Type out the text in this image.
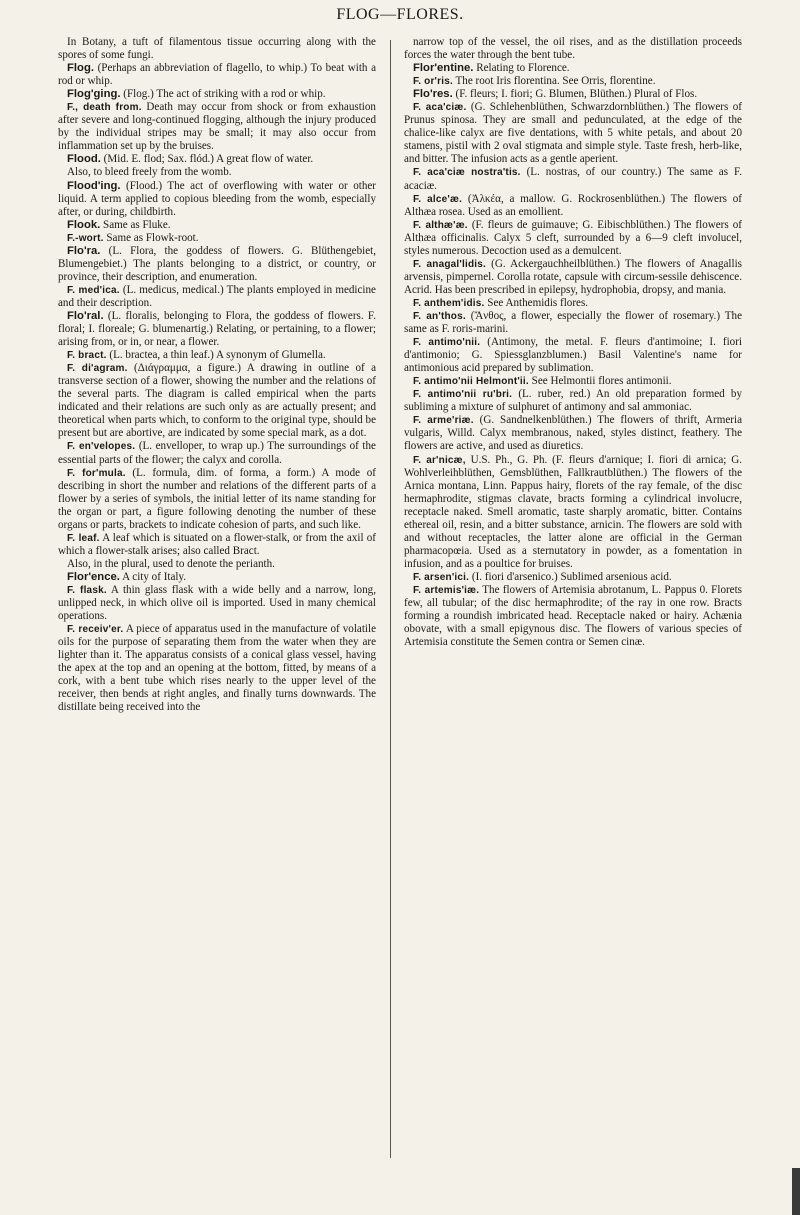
FLOG—FLORES.

In Botany, a tuft of filamentous tissue occurring along with the spores of some fungi.

Flog. (Perhaps an abbreviation of flagello, to whip.) To beat with a rod or whip.

Flog'ging. (Flog.) The act of striking with a rod or whip.

F., death from. Death may occur from shock or from exhaustion after severe and long-continued flogging, although the injury produced by the individual stripes may be small; it may also occur from inflammation set up by the bruises.

Flood. (Mid. E. flod; Sax. flód.) A great flow of water.

Also, to bleed freely from the womb.

Flood'ing. (Flood.) The act of overflowing with water or other liquid. A term applied to copious bleeding from the womb, especially after, or during, childbirth.

Flook. Same as Fluke.

F.-wort. Same as Flowk-root.

Flo'ra. (L. Flora, the goddess of flowers. G. Blüthengebiet, Blumengebiet.) The plants belonging to a district, or country, or province, their description, and enumeration.

F. med'ica. (L. medicus, medical.) The plants employed in medicine and their description.

Flo'ral. (L. floralis, belonging to Flora, the goddess of flowers. F. floral; I. floreale; G. blumenartig.) Relating, or pertaining, to a flower; arising from, or in, or near, a flower.

F. bract. (L. bractea, a thin leaf.) A synonym of Glumella.

F. di'agram. (Διάγραμμα, a figure.) A drawing in outline of a transverse section of a flower, showing the number and the relations of the several parts. The diagram is called empirical when the parts indicated and their relations are such only as are actually present; and theoretical when parts which, to conform to the original type, should be present but are abortive, are indicated by some special mark, as a dot.

F. en'velopes. (L. envelloper, to wrap up.) The surroundings of the essential parts of the flower; the calyx and corolla.

F. for'mula. (L. formula, dim. of forma, a form.) A mode of describing in short the number and relations of the different parts of a flower by a series of symbols, the initial letter of its name standing for the organ or part, a figure following denoting the number of these organs or parts, brackets to indicate cohesion of parts, and such like.

F. leaf. A leaf which is situated on a flower-stalk, or from the axil of which a flower-stalk arises; also called Bract.

Also, in the plural, used to denote the perianth.

Flor'ence. A city of Italy.

F. flask. A thin glass flask with a wide belly and a narrow, long, unlipped neck, in which olive oil is imported. Used in many chemical operations.

F. receiv'er. A piece of apparatus used in the manufacture of volatile oils for the purpose of separating them from the water when they are lighter than it. The apparatus consists of a conical glass vessel, having the apex at the top and an opening at the bottom, fitted, by means of a cork, with a bent tube which rises nearly to the upper level of the receiver, then bends at right angles, and finally turns downwards. The distillate being received into the

narrow top of the vessel, the oil rises, and as the distillation proceeds forces the water through the bent tube.

Flor'entine. Relating to Florence.

F. or'ris. The root Iris florentina. See Orris, florentine.

Flo'res. (F. fleurs; I. fiori; G. Blumen, Blüthen.) Plural of Flos.

F. aca'ciæ. (G. Schlehenblüthen, Schwarzdornblüthen.) The flowers of Prunus spinosa. They are small and pedunculated, at the edge of the chalice-like calyx are five dentations, with 5 white petals, and about 20 stamens, pistil with 2 oval stigmata and simple style. Taste fresh, herb-like, and bitter. The infusion acts as a gentle aperient.

F. aca'ciæ nostra'tis. (L. nostras, of our country.) The same as F. acaciæ.

F. alce'æ. (Ἀλκέα, a mallow. G. Rockrosenblüthen.) The flowers of Althæa rosea. Used as an emollient.

F. althæ'æ. (F. fleurs de guimauve; G. Eibischblüthen.) The flowers of Althæa officinalis. Calyx 5 cleft, surrounded by a 6—9 cleft involucel, styles numerous. Decoction used as a demulcent.

F. anagal'lidis. (G. Ackergauchheilblüthen.) The flowers of Anagallis arvensis, pimpernel. Corolla rotate, capsule with circum-sessile dehiscence. Acrid. Has been prescribed in epilepsy, hydrophobia, dropsy, and mania.

F. anthem'idis. See Anthemidis flores.

F. an'thos. (Ἄνθος, a flower, especially the flower of rosemary.) The same as F. roris-marini.

F. antimo'nii. (Antimony, the metal. F. fleurs d'antimoine; I. fiori d'antimonio; G. Spiessglanzblumen.) Basil Valentine's name for antimonious acid prepared by sublimation.

F. antimo'nii Helmont'ii. See Helmontii flores antimonii.

F. antimo'nii ru'bri. (L. ruber, red.) An old preparation formed by subliming a mixture of sulphuret of antimony and sal ammoniac.

F. arme'riæ. (G. Sandnelkenblüthen.) The flowers of thrift, Armeria vulgaris, Willd. Calyx membranous, naked, styles distinct, feathery. The flowers are active, and used as diuretics.

F. ar'nicæ, U.S. Ph., G. Ph. (F. fleurs d'arnique; I. fiori di arnica; G. Wohlverleihblüthen, Gemsblüthen, Fallkrautblüthen.) The flowers of the Arnica montana, Linn. Pappus hairy, florets of the ray female, of the disc hermaphrodite, stigmas clavate, bracts forming a cylindrical involucre, receptacle naked. Smell aromatic, taste sharply aromatic, bitter. Contains ethereal oil, resin, and a bitter substance, arnicin. The flowers are sold with and without receptacles, the latter alone are official in the German pharmacopœia. Used as a sternutatory in powder, as a fomentation in infusion, and as a poultice for bruises.

F. arsen'ici. (I. fiori d'arsenico.) Sublimed arsenious acid.

F. artemis'iæ. The flowers of Artemisia abrotanum, L. Pappus 0. Florets few, all tubular; of the disc hermaphrodite; of the ray in one row. Bracts forming a roundish imbricated head. Receptacle naked or hairy. Achænia obovate, with a small epigynous disc. The flowers of various species of Artemisia constitute the Semen contra or Semen cinæ.
